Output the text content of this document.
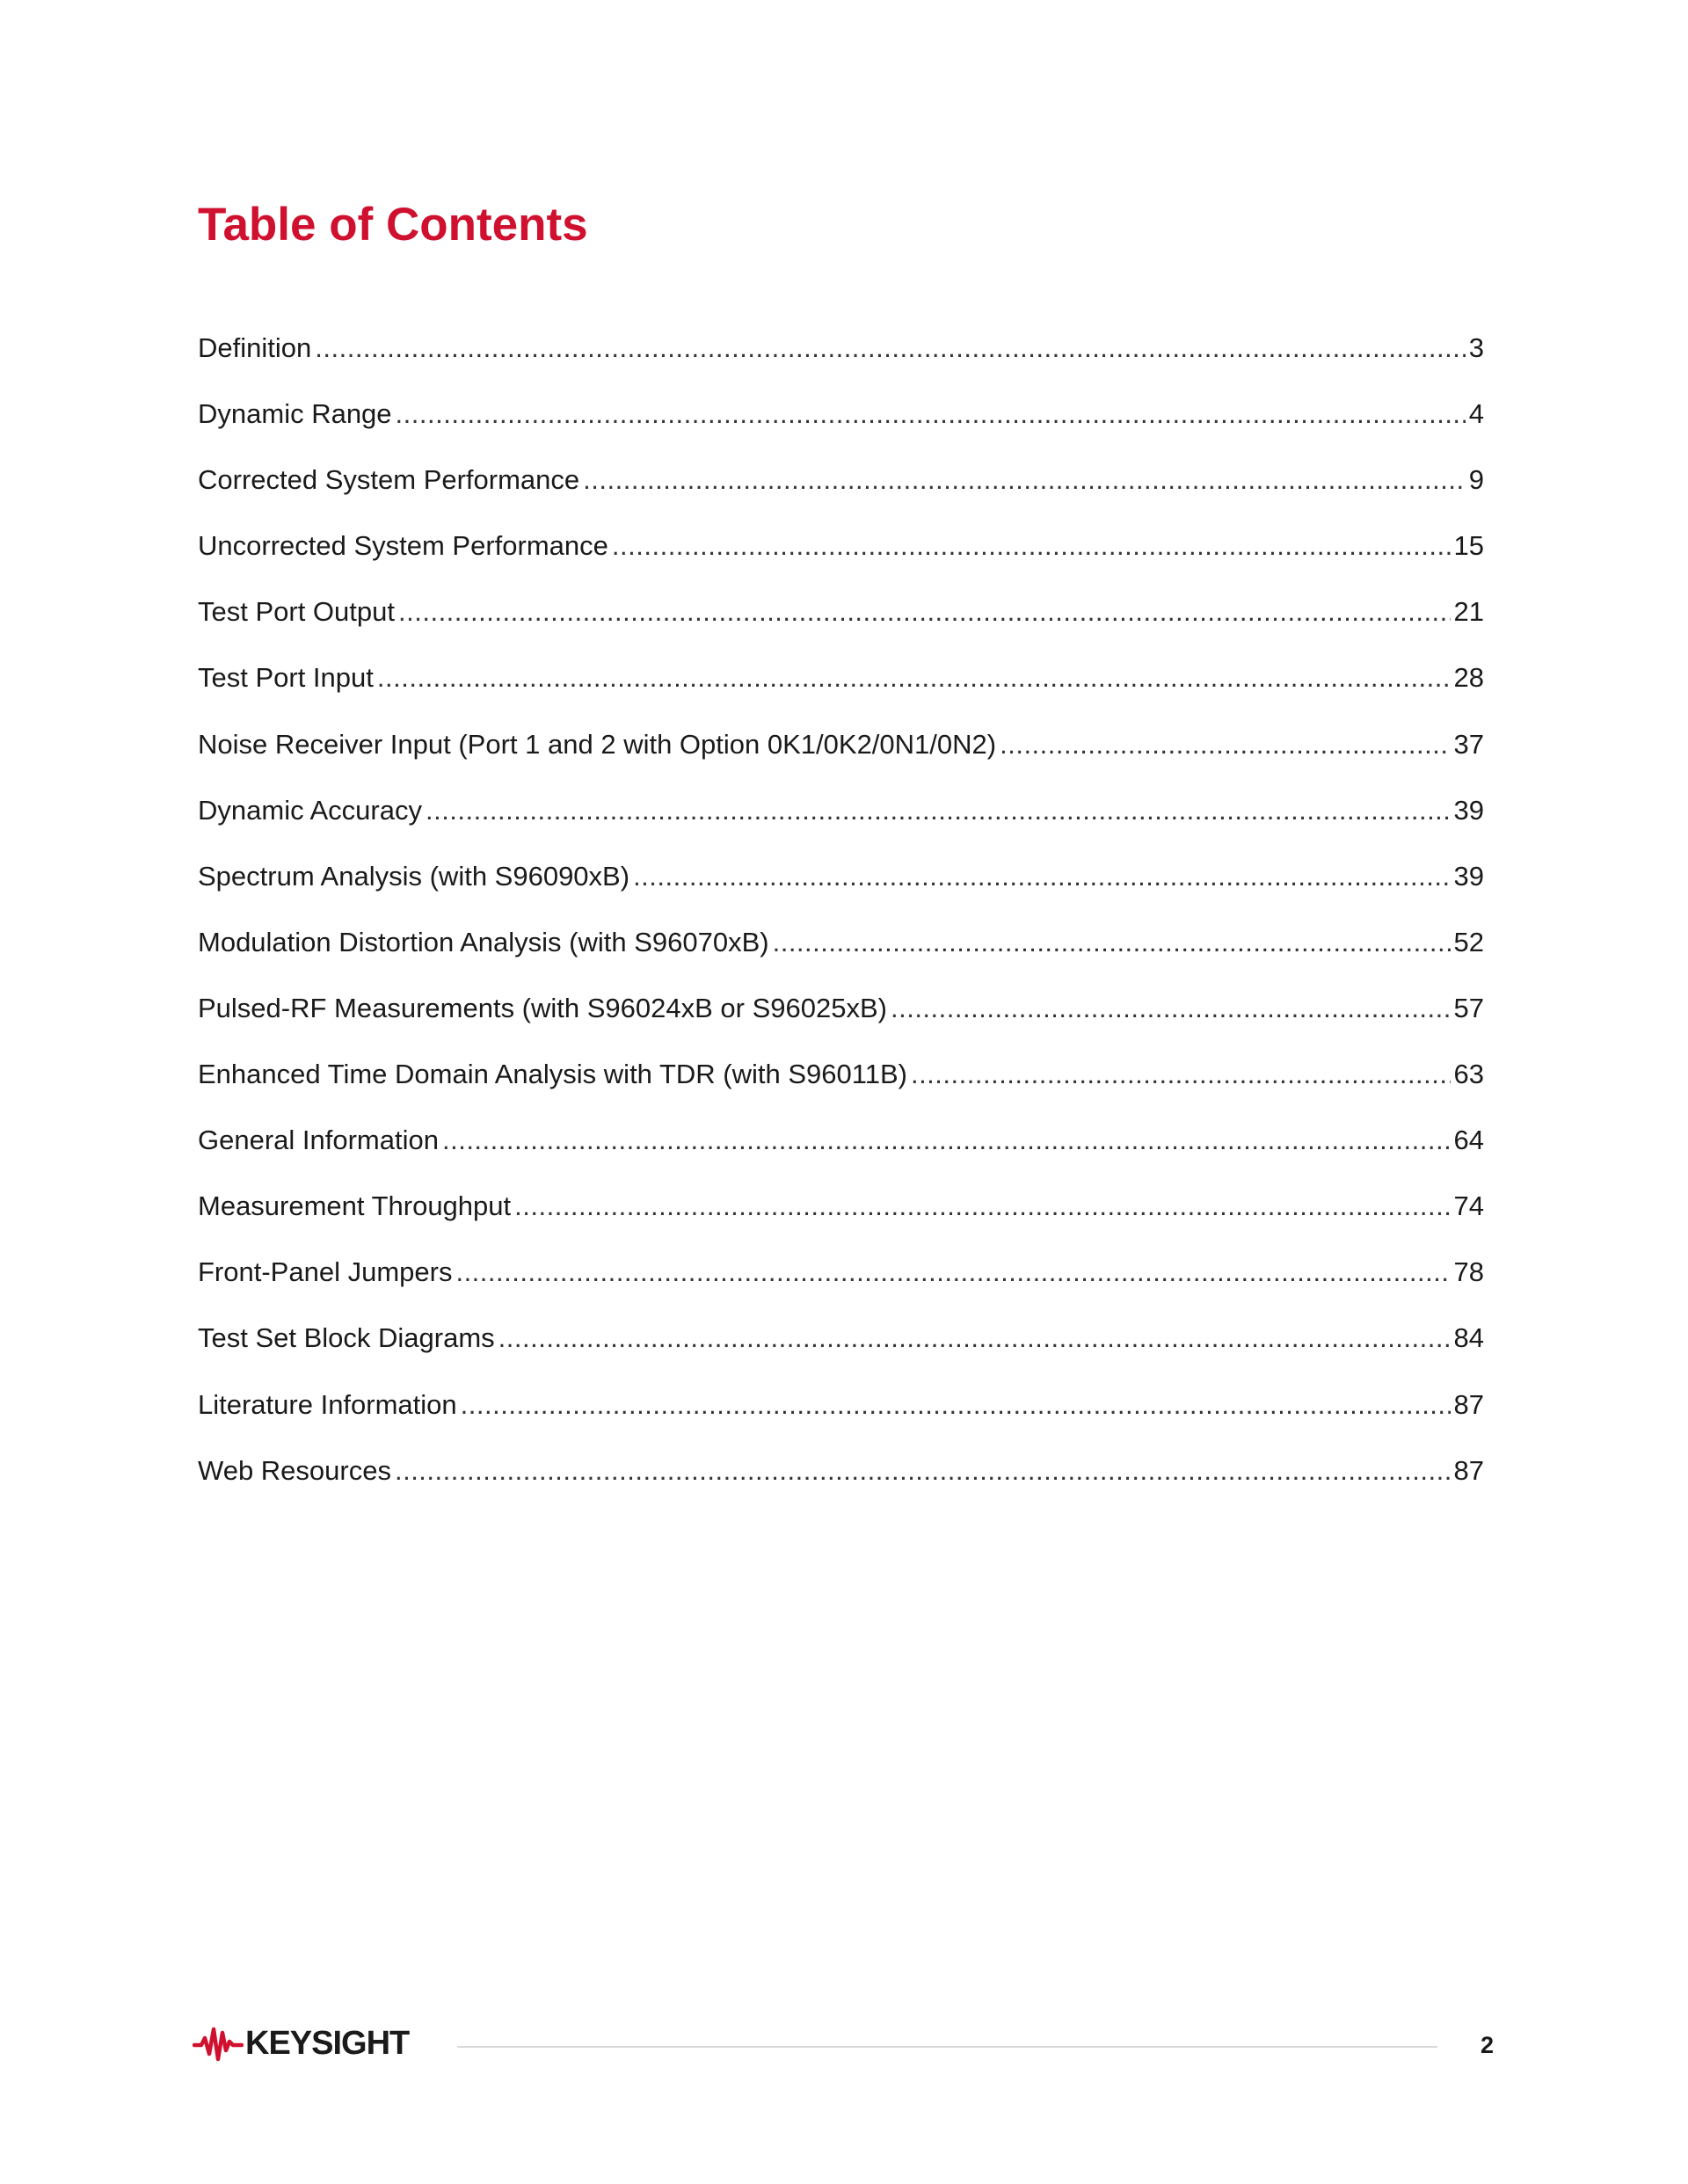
Table of Contents
Definition .....	3
Dynamic Range .....	4
Corrected System Performance .....	9
Uncorrected System Performance .....	15
Test Port Output .....	21
Test Port Input .....	28
Noise Receiver Input (Port 1 and 2 with Option 0K1/0K2/0N1/0N2) .....	37
Dynamic Accuracy .....	39
Spectrum Analysis (with S96090xB) .....	39
Modulation Distortion Analysis (with S96070xB) .....	52
Pulsed-RF Measurements (with S96024xB or S96025xB) .....	57
Enhanced Time Domain Analysis with TDR (with S96011B) .....	63
General Information .....	64
Measurement Throughput .....	74
Front-Panel Jumpers .....	78
Test Set Block Diagrams .....	84
Literature Information .....	87
Web Resources .....	87
KEYSIGHT	2
